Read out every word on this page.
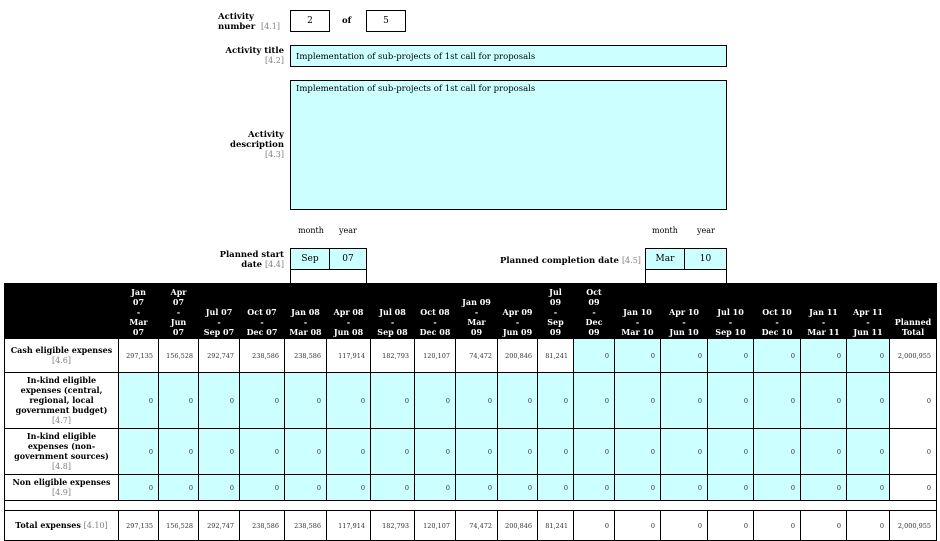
Activity number [4.1]
2	of	5
Activity title
[4.2]	Implementation of sub-projects of 1st call for proposals
Activity description
[4.3]
Implementation of sub-projects of 1st call for proposals
month year	month year
Planned start date [4.4]
Sep	07	Planned completion date [4.5] Mar	10

	Jan
07
-
Mar
07	Apr
07
-
Jun
07	Jul 07
-
Sep 07	Oct 07
-
Dec 07	Jan 08
-
Mar 08	Apr 08
-
Jun 08	Jul 08
-
Sep 08	Oct 08
-
Dec 08	Jan 09
-
Mar
09	Apr 09
-
Jun 09	Jul
09
-
Sep
09	Oct
09
-
Dec
09	Jan 10
-
Mar 10	Apr 10
-
Jun 10	Jul 10
-
Sep 10	Oct 10
-
Dec 10	Jan 11
-
Mar 11	Apr 11
-
Jun 11	Planned
Total

Cash eligible expenses [4.6]	297,135	156,528	292,747	238,586	238,586	117,914	182,793	120,107	74,472	200,846	81,241	0	0	0	0	0	0	0	2,000,955
In-kind eligible expenses (central, regional, local government budget) [4.7]	0	0	0	0	0	0	0	0	0	0	0	0	0	0	0	0	0	0	0
In-kind eligible expenses (non-government sources) [4.8]	0	0	0	0	0	0	0	0	0	0	0	0	0	0	0	0	0	0	0
Non eligible expenses [4.9]	0	0	0	0	0	0	0	0	0	0	0	0	0	0	0	0	0	0	0

Total expenses [4.10]	297,135	156,528	292,747	238,586	238,586	117,914	182,793	120,107	74,472	200,846	81,241	0	0	0	0	0	0	0	2,000,955
